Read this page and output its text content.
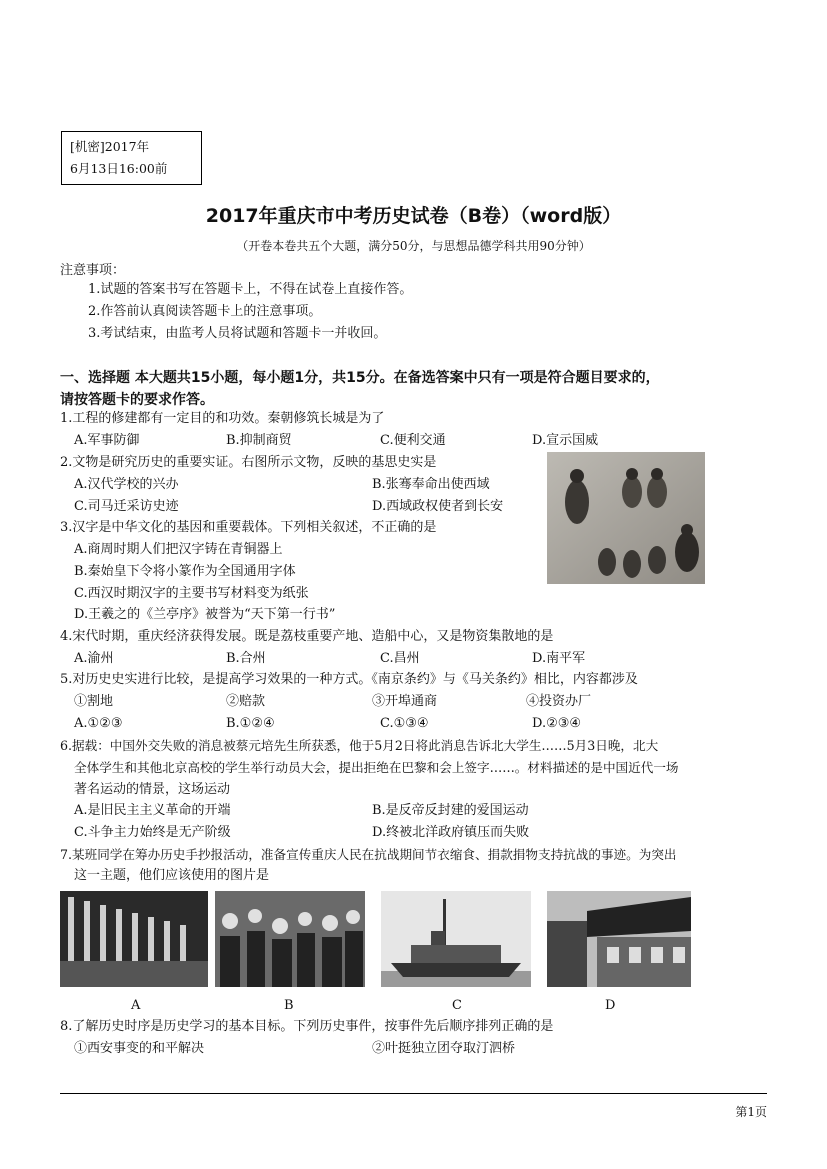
[机密]2017年
6月13日16:00前
2017年重庆市中考历史试卷（B卷）（word版）
（开卷本卷共五个大题，满分50分，与思想品德学科共用90分钟）
注意事项：
1.试题的答案书写在答题卡上，不得在试卷上直接作答。
2.作答前认真阅读答题卡上的注意事项。
3.考试结束，由监考人员将试题和答题卡一并收回。
一、选择题 本大题共15小题，每小题1分，共15分。在备选答案中只有一项是符合题目要求的，
请按答题卡的要求作答。
1.工程的修建都有一定目的和功效。秦朝修筑长城是为了
A.军事防御	B.抑制商贸	C.便利交通	D.宣示国威
2.文物是研究历史的重要实证。右图所示文物，反映的基思史实是
A.汉代学校的兴办	B.张骞奉命出使西域
C.司马迁采访史迹	D.西域政权使者到长安
3.汉字是中华文化的基因和重要载体。下列相关叙述，不正确的是
A.商周时期人们把汉字铸在青铜器上
B.秦始皇下令将小篆作为全国通用字体
C.西汉时期汉字的主要书写材料变为纸张
D.王羲之的《兰亭序》被誉为“天下第一行书”
4.宋代时期，重庆经济获得发展。既是荔枝重要产地、造船中心，又是物资集散地的是
A.渝州	B.合州	C.昌州	D.南平军
5.对历史史实进行比较，是提高学习效果的一种方式。《南京条约》与《马关条约》相比，内容都涉及
①割地	②赔款	③开埠通商	④投资办厂
A.①②③	B.①②④	C.①③④	D.②③④
6.据载：中国外交失败的消息被蔡元培先生所获悉，他于5月2日将此消息告诉北大学生……5月3日晚，北大
全体学生和其他北京高校的学生举行动员大会，提出拒绝在巴黎和会上签字……。材料描述的是中国近代一场
著名运动的情景，这场运动
A.是旧民主主义革命的开端	B.是反帝反封建的爱国运动
C.斗争主力始终是无产阶级	D.终被北洋政府镇压而失败
7.某班同学在筹办历史手抄报活动，准备宣传重庆人民在抗战期间节衣缩食、捐款捐物支持抗战的事迹。为突出
这一主题，他们应该使用的图片是
A	B	C	D
8.了解历史时序是历史学习的基本目标。下列历史事件，按事件先后顺序排列正确的是
①西安事变的和平解决	②叶挺独立团夺取汀泗桥
第1页
